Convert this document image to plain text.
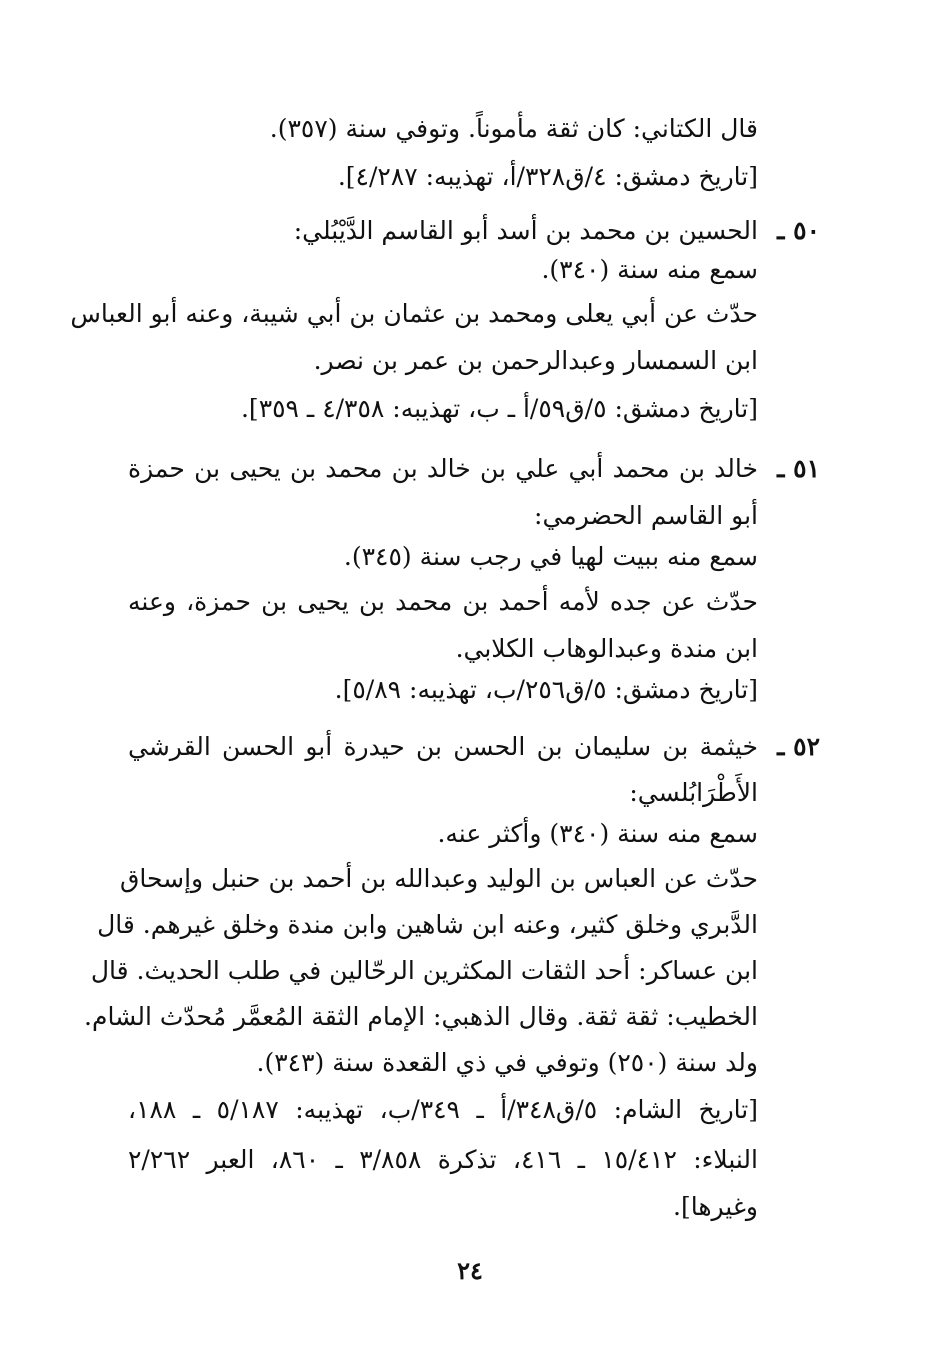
قال الكتاني: كان ثقة مأموناً. وتوفي سنة (٣٥٧).
[تاريخ دمشق: ٤/ق٣٢٨/أ، تهذيبه: ٤/٢٨٧].
٥٠ ـ
الحسين بن محمد بن أسد أبو القاسم الدَّيْبُلي:
سمع منه سنة (٣٤٠).
حدّث عن أبي يعلى ومحمد بن عثمان بن أبي شيبة، وعنه أبو العباس
ابن السمسار وعبدالرحمن بن عمر بن نصر.
[تاريخ دمشق: ٥/ق٥٩/أ ـ ب، تهذيبه: ٤/٣٥٨ ـ ٣٥٩].
٥١ ـ
خالد بن محمد أبي علي بن خالد بن محمد بن يحيى بن حمزة
أبو القاسم الحضرمي:
سمع منه ببيت لهيا في رجب سنة (٣٤٥).
حدّث عن جده لأمه أحمد بن محمد بن يحيى بن حمزة، وعنه
ابن مندة وعبدالوهاب الكلابي.
[تاريخ دمشق: ٥/ق٢٥٦/ب، تهذيبه: ٥/٨٩].
٥٢ ـ
خيثمة بن سليمان بن الحسن بن حيدرة أبو الحسن القرشي
الأَطْرَابُلسي:
سمع منه سنة (٣٤٠) وأكثر عنه.
حدّث عن العباس بن الوليد وعبدالله بن أحمد بن حنبل وإسحاق
الدَّبري وخلق كثير، وعنه ابن شاهين وابن مندة وخلق غيرهم. قال
ابن عساكر: أحد الثقات المكثرين الرحّالين في طلب الحديث. قال
الخطيب: ثقة ثقة. وقال الذهبي: الإمام الثقة المُعمَّر مُحدّث الشام.
ولد سنة (٢٥٠) وتوفي في ذي القعدة سنة (٣٤٣).
[تاريخ الشام: ٥/ق٣٤٨/أ ـ ٣٤٩/ب، تهذيبه: ٥/١٨٧ ـ ١٨٨،
النبلاء: ١٥/٤١٢ ـ ٤١٦، تذكرة ٣/٨٥٨ ـ ٨٦٠، العبر ٢/٢٦٢
وغيرها].
٢٤
